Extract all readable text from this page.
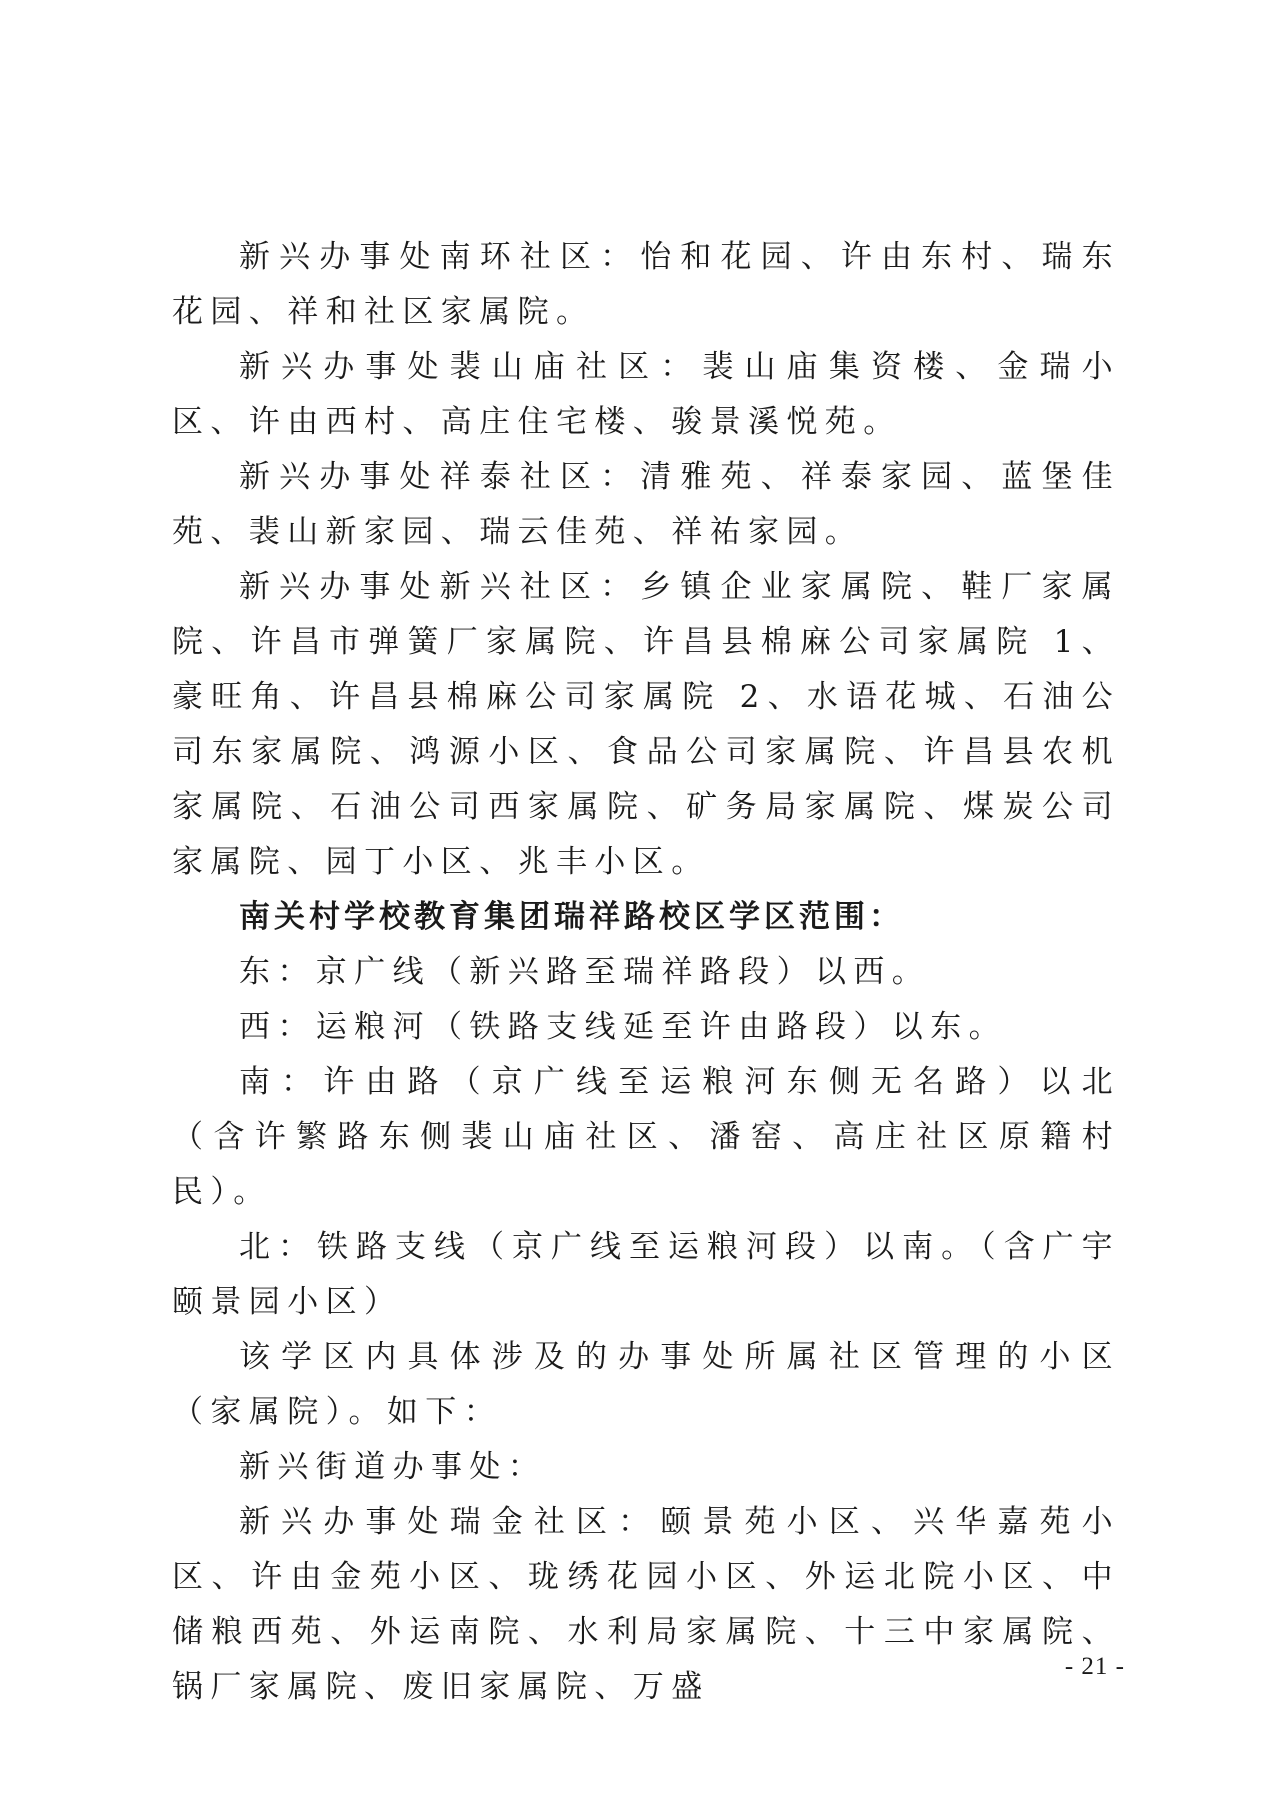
新兴办事处南环社区：怡和花园、许由东村、瑞东花园、祥和社区家属院。

新兴办事处裴山庙社区：裴山庙集资楼、金瑞小区、许由西村、高庄住宅楼、骏景溪悦苑。

新兴办事处祥泰社区：清雅苑、祥泰家园、蓝堡佳苑、裴山新家园、瑞云佳苑、祥祐家园。

新兴办事处新兴社区：乡镇企业家属院、鞋厂家属院、许昌市弹簧厂家属院、许昌县棉麻公司家属院 1、豪旺角、许昌县棉麻公司家属院 2、水语花城、石油公司东家属院、鸿源小区、食品公司家属院、许昌县农机家属院、石油公司西家属院、矿务局家属院、煤炭公司家属院、园丁小区、兆丰小区。

南关村学校教育集团瑞祥路校区学区范围：

东：京广线（新兴路至瑞祥路段）以西。

西：运粮河（铁路支线延至许由路段）以东。

南：许由路（京广线至运粮河东侧无名路）以北（含许繁路东侧裴山庙社区、潘窑、高庄社区原籍村民）。

北：铁路支线（京广线至运粮河段）以南。（含广宇颐景园小区）

该学区内具体涉及的办事处所属社区管理的小区（家属院）。如下：

新兴街道办事处：

新兴办事处瑞金社区：颐景苑小区、兴华嘉苑小区、许由金苑小区、珑绣花园小区、外运北院小区、中储粮西苑、外运南院、水利局家属院、十三中家属院、锅厂家属院、废旧家属院、万盛

- 21 -
